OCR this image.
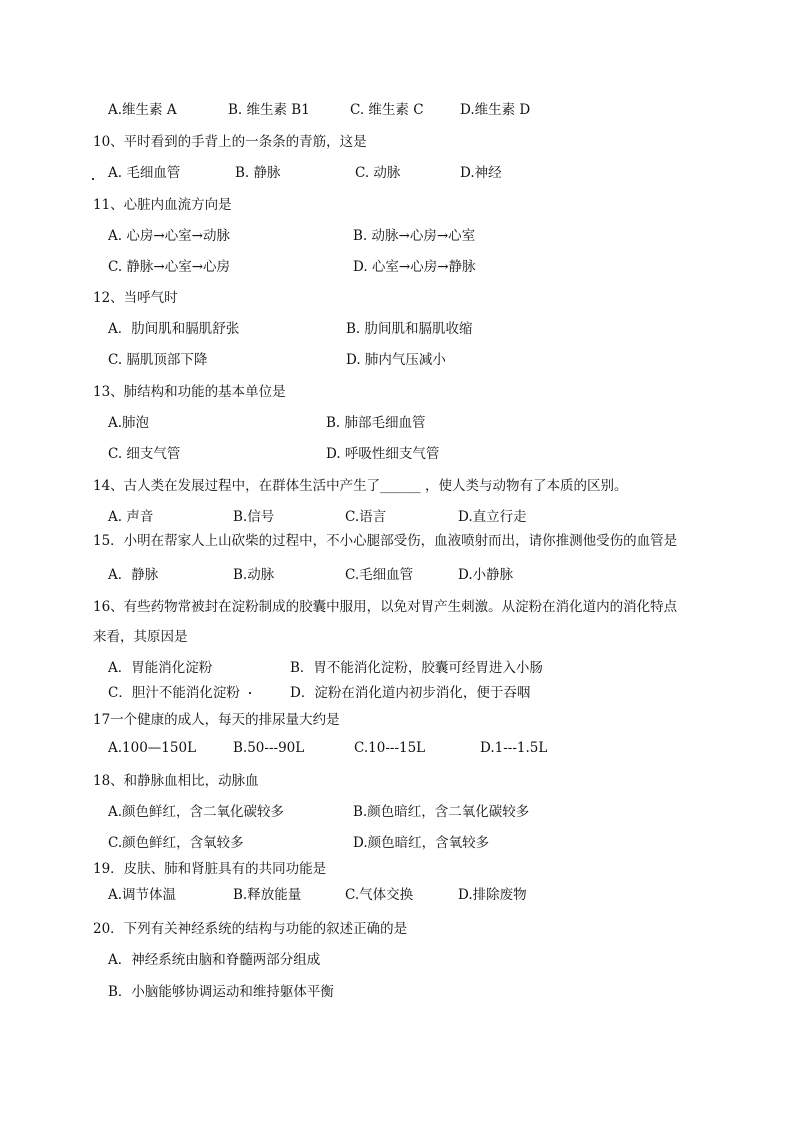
A.维生素 A	B. 维生素 B1	C. 维生素 C	D.维生素 D
10、平时看到的手背上的一条条的青筋，这是
A. 毛细血管	B. 静脉	C. 动脉	D.神经
11、心脏内血流方向是
A. 心房→心室→动脉	B. 动脉→心房→心室
C. 静脉→心室→心房	D. 心室→心房→静脉
12、当呼气时
A．肋间肌和膈肌舒张	B. 肋间肌和膈肌收缩
C. 膈肌顶部下降	D. 肺内气压减小
13、肺结构和功能的基本单位是
A.肺泡	B. 肺部毛细血管
C. 细支气管	D. 呼吸性细支气管
14、古人类在发展过程中，在群体生活中产生了______ ，使人类与动物有了本质的区别。
A. 声音	B.信号	C.语言	D.直立行走
15．小明在帮家人上山砍柴的过程中，不小心腿部受伤，血液喷射而出，请你推测他受伤的血管是
A．静脉	B.动脉	C.毛细血管	D.小静脉
16、有些药物常被封在淀粉制成的胶囊中服用，以免对胃产生刺激。从淀粉在消化道内的消化特点
来看，其原因是
A．胃能消化淀粉	B．胃不能消化淀粉，胶囊可经胃进入小肠
C．胆汁不能消化淀粉	D．淀粉在消化道内初步消化，便于吞咽
17一个健康的成人，每天的排尿量大约是
A.100—150L	B.50---90L	C.10---15L	D.1---1.5L
18、和静脉血相比，动脉血
A.颜色鲜红，含二氧化碳较多	B.颜色暗红，含二氧化碳较多
C.颜色鲜红，含氧较多	D.颜色暗红，含氧较多
19．皮肤、肺和肾脏具有的共同功能是
A.调节体温	B.释放能量	C.气体交换	D.排除废物
20．下列有关神经系统的结构与功能的叙述正确的是
A．神经系统由脑和脊髓两部分组成
B．小脑能够协调运动和维持躯体平衡
